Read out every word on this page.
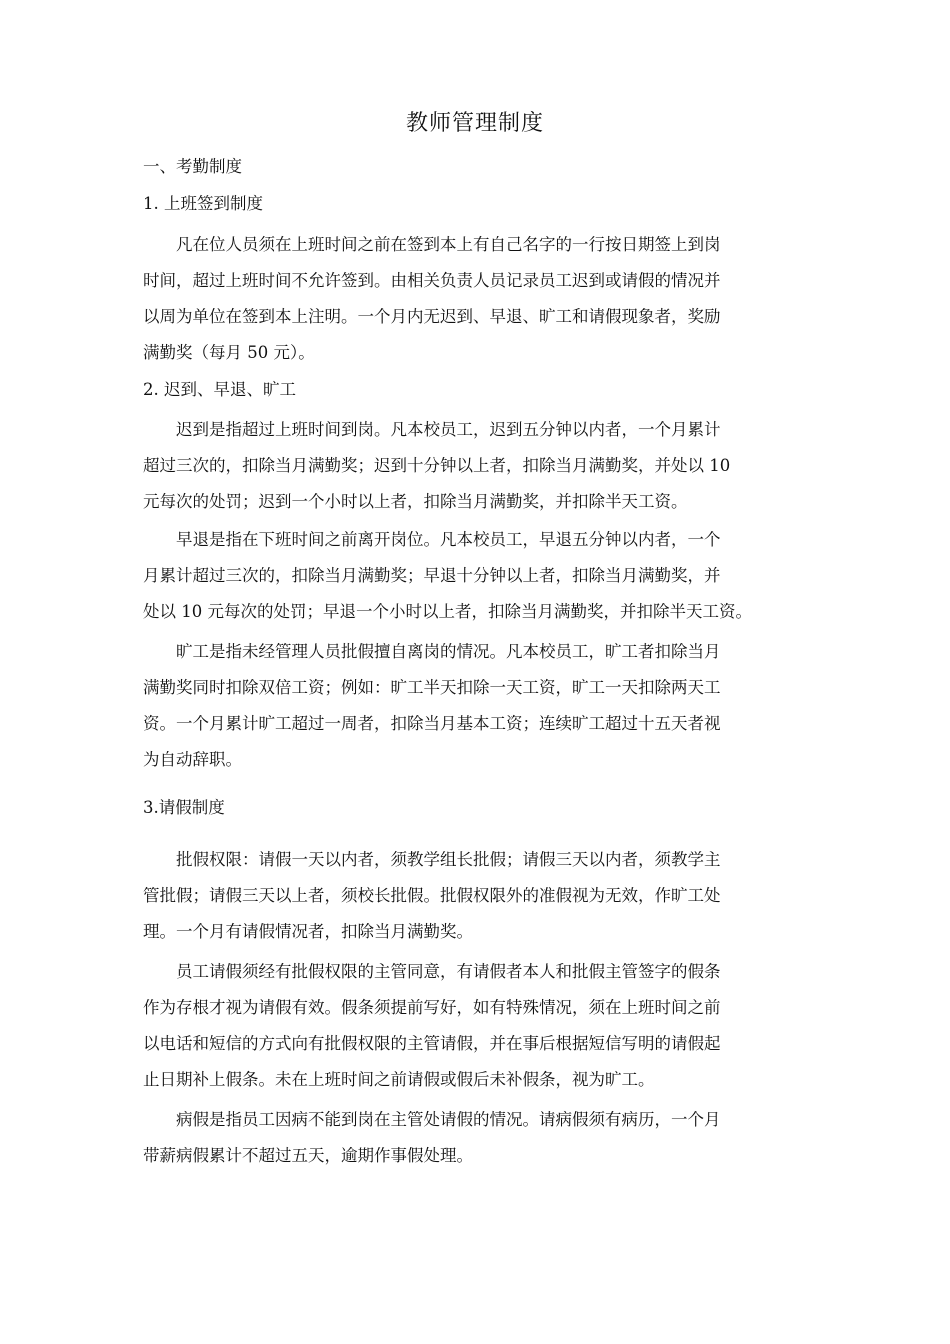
教师管理制度
一、考勤制度
1. 上班签到制度
凡在位人员须在上班时间之前在签到本上有自己名字的一行按日期签上到岗
时间，超过上班时间不允许签到。由相关负责人员记录员工迟到或请假的情况并
以周为单位在签到本上注明。一个月内无迟到、早退、旷工和请假现象者，奖励
满勤奖（每月 50 元）。
2. 迟到、早退、旷工
迟到是指超过上班时间到岗。凡本校员工，迟到五分钟以内者，一个月累计
超过三次的，扣除当月满勤奖；迟到十分钟以上者，扣除当月满勤奖，并处以 10
元每次的处罚；迟到一个小时以上者，扣除当月满勤奖，并扣除半天工资。
早退是指在下班时间之前离开岗位。凡本校员工，早退五分钟以内者，一个
月累计超过三次的，扣除当月满勤奖；早退十分钟以上者，扣除当月满勤奖，并
处以 10 元每次的处罚；早退一个小时以上者，扣除当月满勤奖，并扣除半天工资。
旷工是指未经管理人员批假擅自离岗的情况。凡本校员工，旷工者扣除当月
满勤奖同时扣除双倍工资；例如：旷工半天扣除一天工资，旷工一天扣除两天工
资。一个月累计旷工超过一周者，扣除当月基本工资；连续旷工超过十五天者视
为自动辞职。
3.请假制度
批假权限：请假一天以内者，须教学组长批假；请假三天以内者，须教学主
管批假；请假三天以上者，须校长批假。批假权限外的准假视为无效，作旷工处
理。一个月有请假情况者，扣除当月满勤奖。
员工请假须经有批假权限的主管同意，有请假者本人和批假主管签字的假条
作为存根才视为请假有效。假条须提前写好，如有特殊情况，须在上班时间之前
以电话和短信的方式向有批假权限的主管请假，并在事后根据短信写明的请假起
止日期补上假条。未在上班时间之前请假或假后未补假条，视为旷工。
病假是指员工因病不能到岗在主管处请假的情况。请病假须有病历，一个月
带薪病假累计不超过五天，逾期作事假处理。
